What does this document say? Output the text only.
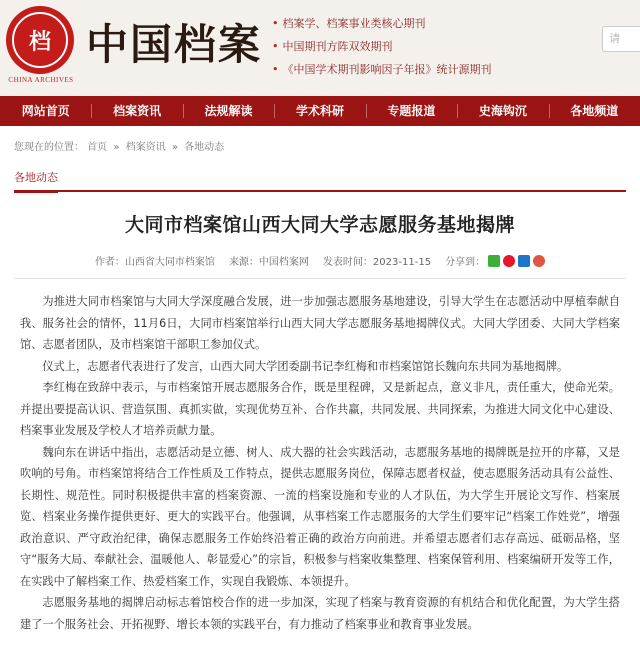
档
CHINA ARCHIVES
中国档案 • 档案学、档案事业类核心期刊
• 中国期刊方阵双效期刊
• 《中国学术期刊影响因子年报》统计源期刊
请
网站首页	档案资讯	法规解读	学术科研	专题报道	史海钩沉	各地频道
您现在的位置： 首页 » 档案资讯 » 各地动态
各地动态
大同市档案馆山西大同大学志愿服务基地揭牌
作者：山西省大同市档案馆 来源：中国档案网 发表时间：2023-11-15 分享到：

为推进大同市档案馆与大同大学深度融合发展，进一步加强志愿服务基地建设，引导大学生在志愿活动中厚植奉献自我、服务社会的情怀，11月6日，大同市档案馆举行山西大同大学志愿服务基地揭牌仪式。大同大学团委、大同大学档案馆、志愿者团队，及市档案馆干部职工参加仪式。

仪式上，志愿者代表进行了发言，山西大同大学团委副书记李红梅和市档案馆馆长魏向东共同为基地揭牌。

李红梅在致辞中表示，与市档案馆开展志愿服务合作，既是里程碑，又是新起点，意义非凡，责任重大，使命光荣。并提出要提高认识、营造氛围、真抓实做，实现优势互补、合作共赢，共同发展、共同探索，为推进大同文化中心建设、档案事业发展及学校人才培养贡献力量。

魏向东在讲话中指出，志愿活动是立德、树人、成大器的社会实践活动，志愿服务基地的揭牌既是拉开的序幕，又是吹响的号角。市档案馆将结合工作性质及工作特点，提供志愿服务岗位，保障志愿者权益，使志愿服务活动具有公益性、长期性、规范性。同时积极提供丰富的档案资源、一流的档案设施和专业的人才队伍，为大学生开展论文写作、档案展览、档案业务操作提供更好、更大的实践平台。他强调，从事档案工作志愿服务的大学生们要牢记“档案工作姓党”，增强政治意识、严守政治纪律，确保志愿服务工作始终沿着正确的政治方向前进。并希望志愿者们志存高远、砥砺品格，坚守“服务大局、奉献社会、温暖他人、彰显爱心”的宗旨，积极参与档案收集整理、档案保管利用、档案编研开发等工作，在实践中了解档案工作、热爱档案工作，实现自我锻炼、本领提升。

志愿服务基地的揭牌启动标志着馆校合作的进一步加深，实现了档案与教育资源的有机结合和优化配置，为大学生搭建了一个服务社会、开拓视野、增长本领的实践平台，有力推动了档案事业和教育事业发展。
